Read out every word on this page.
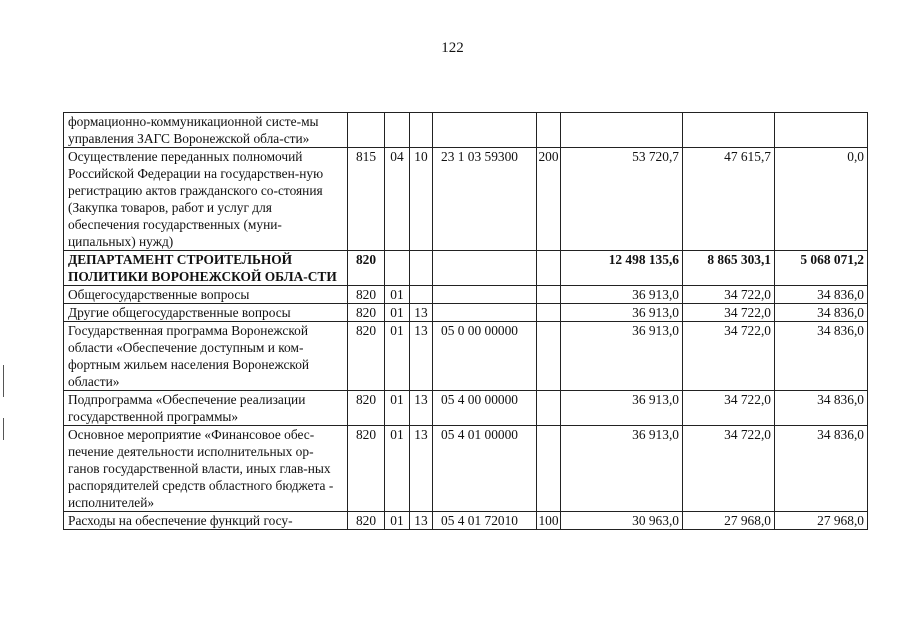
122
формационно-коммуникационной систе-мы управления ЗАГС Воронежской обла-сти»								
Осуществление переданных полномочий Российской Федерации на государствен-ную регистрацию актов гражданского со-стояния (Закупка товаров, работ и услуг для обеспечения государственных (муни-ципальных) нужд)	815	04	10	23 1 03 59300	200	53 720,7	47 615,7	0,0
ДЕПАРТАМЕНТ СТРОИТЕЛЬНОЙ ПОЛИТИКИ ВОРОНЕЖСКОЙ ОБЛА-СТИ	820					12 498 135,6	8 865 303,1	5 068 071,2
Общегосударственные вопросы	820	01				36 913,0	34 722,0	34 836,0
Другие общегосударственные вопросы	820	01	13			36 913,0	34 722,0	34 836,0
Государственная программа Воронежской области «Обеспечение доступным и ком-фортным жильем населения Воронежской области»	820	01	13	05 0 00 00000		36 913,0	34 722,0	34 836,0
Подпрограмма «Обеспечение реализации государственной программы»	820	01	13	05 4 00 00000		36 913,0	34 722,0	34 836,0
Основное мероприятие «Финансовое обес-печение деятельности исполнительных ор-ганов государственной власти, иных глав-ных распорядителей средств областного бюджета - исполнителей»	820	01	13	05 4 01 00000		36 913,0	34 722,0	34 836,0
Расходы на обеспечение функций госу-	820	01	13	05 4 01 72010	100	30 963,0	27 968,0	27 968,0
